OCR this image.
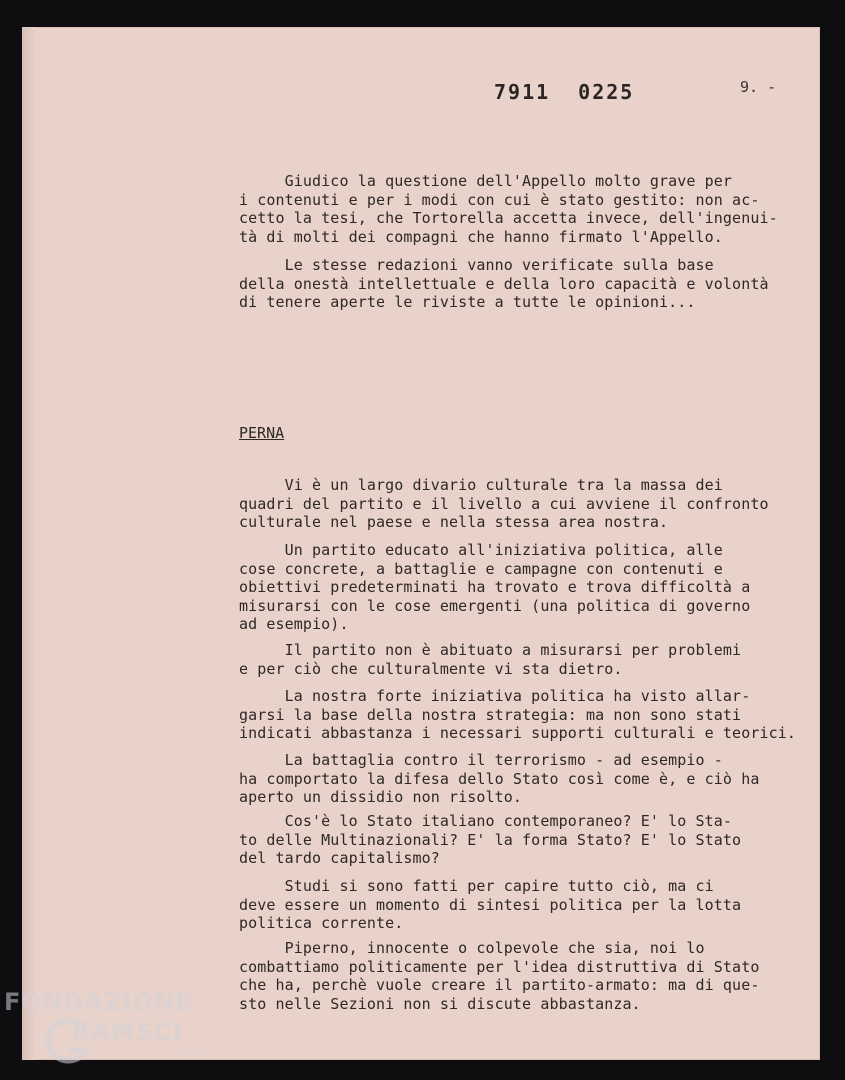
7911 0225	9. -
Giudico la questione dell'Appello molto grave per
i contenuti e per i modi con cui è stato gestito: non ac-
cetto la tesi, che Tortorella accetta invece, dell'ingenui-
tà di molti dei compagni che hanno firmato l'Appello.
Le stesse redazioni vanno verificate sulla base
della onestà intellettuale e della loro capacità e volontà
di tenere aperte le riviste a tutte le opinioni...
PERNA
Vi è un largo divario culturale tra la massa dei
quadri del partito e il livello a cui avviene il confronto
culturale nel paese e nella stessa area nostra.
Un partito educato all'iniziativa politica, alle
cose concrete, a battaglie e campagne con contenuti e
obiettivi predeterminati ha trovato e trova difficoltà a
misurarsi con le cose emergenti (una politica di governo
ad esempio).
Il partito non è abituato a misurarsi per problemi
e per ciò che culturalmente vi sta dietro.
La nostra forte iniziativa politica ha visto allar-
garsi la base della nostra strategia: ma non sono stati
indicati abbastanza i necessari supporti culturali e teorici.
La battaglia contro il terrorismo - ad esempio -
ha comportato la difesa dello Stato così come è, e ciò ha
aperto un dissidio non risolto.
Cos'è lo Stato italiano contemporaneo? E' lo Sta-
to delle Multinazionali? E' la forma Stato? E' lo Stato
del tardo capitalismo?
Studi si sono fatti per capire tutto ciò, ma ci
deve essere un momento di sintesi politica per la lotta
politica corrente.
Piperno, innocente o colpevole che sia, noi lo
combattiamo politicamente per l'idea distruttiva di Stato
che ha, perchè vuole creare il partito-armato: ma di que-
sto nelle Sezioni non si discute abbastanza.
FONDAZIONE
RAMSCI
onlus
